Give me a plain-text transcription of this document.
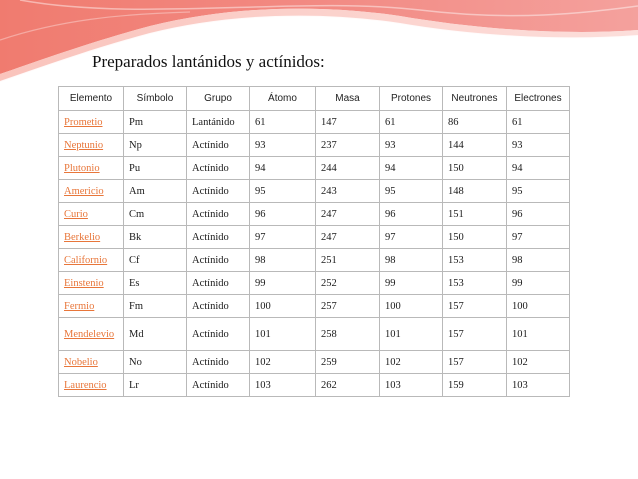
Preparados lantánidos y actínidos:
Elemento	Símbolo	Grupo	Átomo	Masa	Protones	Neutrones	Electrones
Prometio	Pm	Lantánido	61	147	61	86	61
Neptunio	Np	Actínido	93	237	93	144	93
Plutonio	Pu	Actínido	94	244	94	150	94
Americio	Am	Actínido	95	243	95	148	95
Curio	Cm	Actínido	96	247	96	151	96
Berkelio	Bk	Actínido	97	247	97	150	97
Californio	Cf	Actínido	98	251	98	153	98
Einstenio	Es	Actínido	99	252	99	153	99
Fermio	Fm	Actínido	100	257	100	157	100
Mendelevio	Md	Actínido	101	258	101	157	101
Nobelio	No	Actínido	102	259	102	157	102
Laurencio	Lr	Actínido	103	262	103	159	103
